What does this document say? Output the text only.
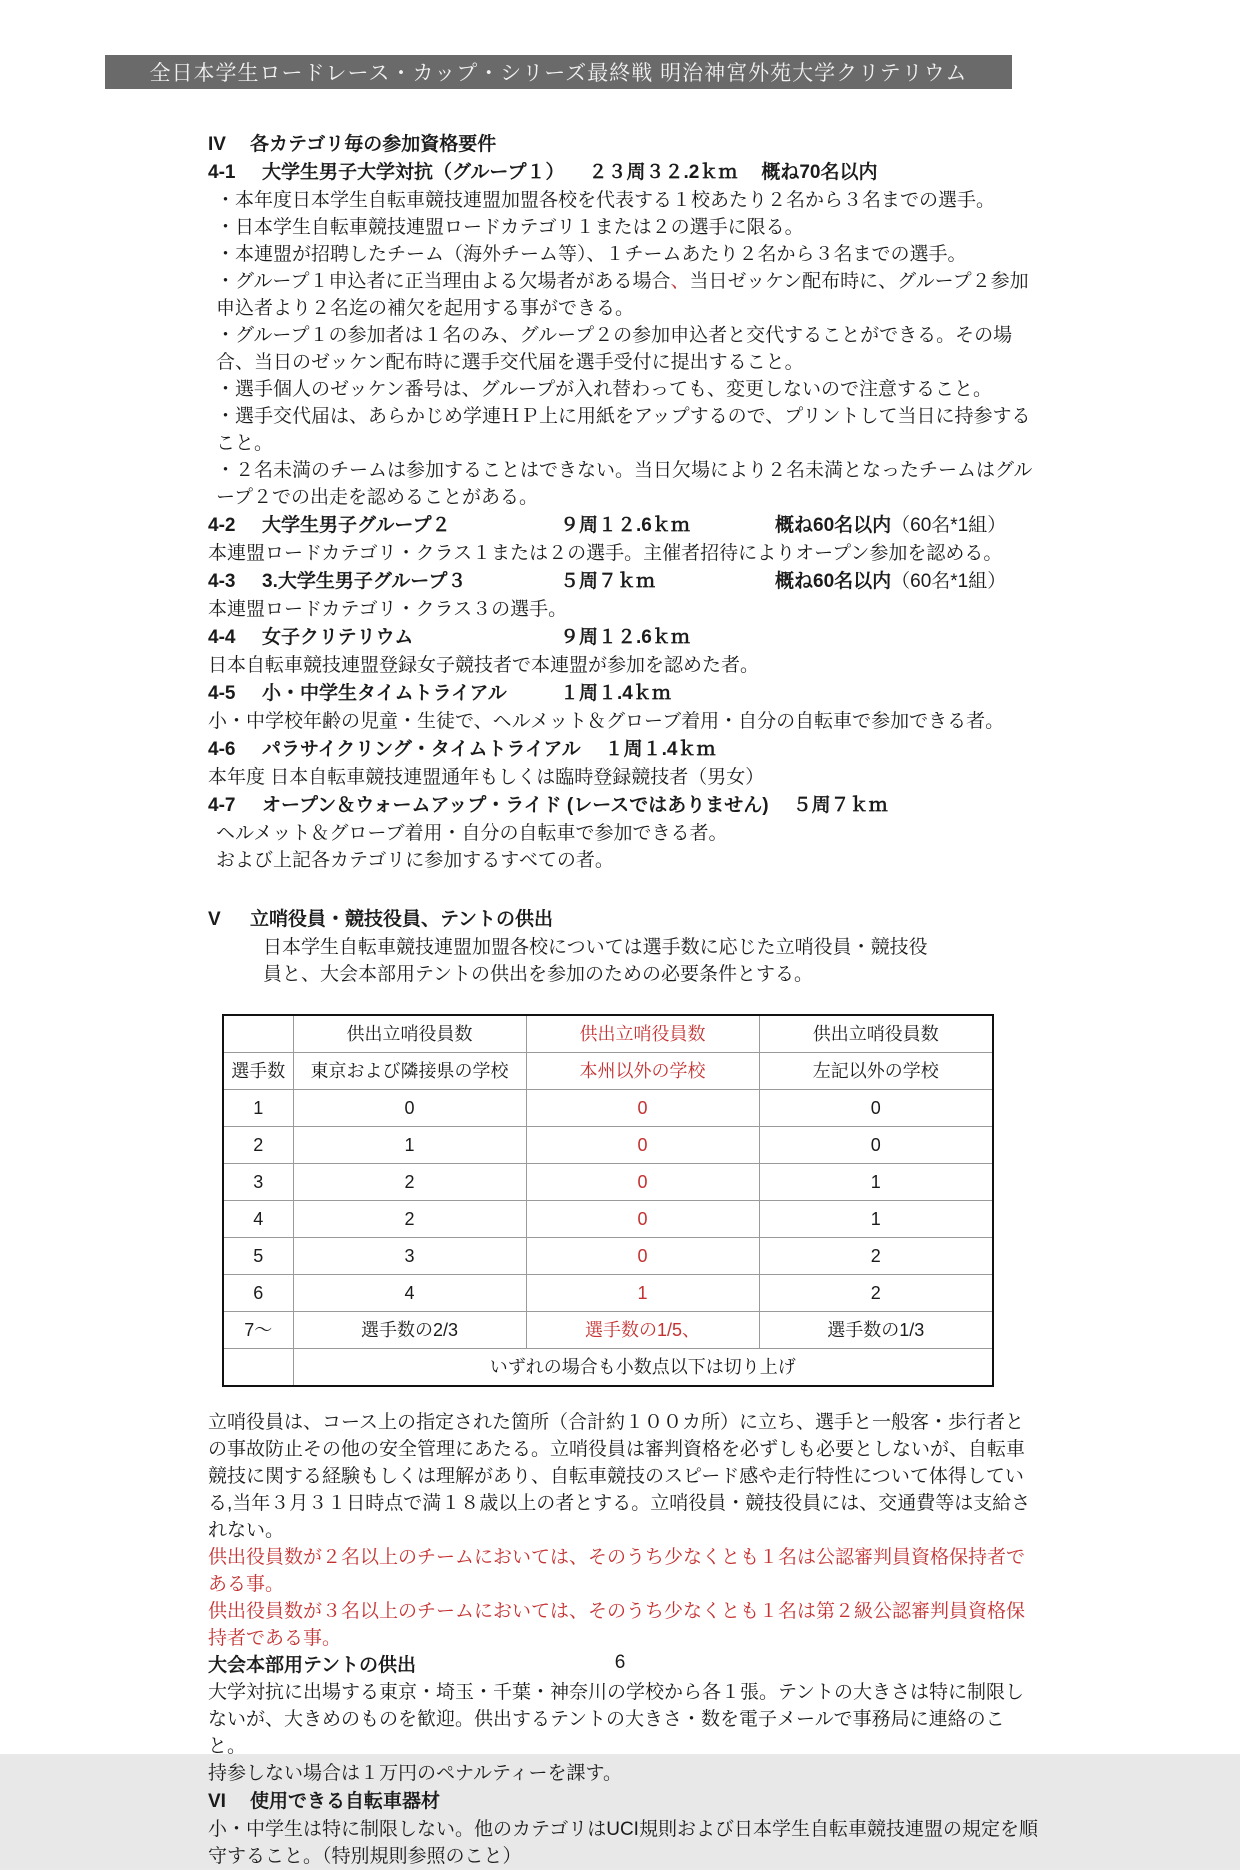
全日本学生ロードレース・カップ・シリーズ最終戦 明治神宮外苑大学クリテリウム
IV	各カテゴリ毎の参加資格要件
4-1	大学生男子大学対抗（グループ１） ２３周３２.2ｋｍ 概ね70名以内

・本年度日本学生自転車競技連盟加盟各校を代表する１校あたり２名から３名までの選手。

・日本学生自転車競技連盟ロードカテゴリ１または２の選手に限る。

・本連盟が招聘したチーム（海外チーム等）、１チームあたり２名から３名までの選手。

・グループ１申込者に正当理由よる欠場者がある場合、当日ゼッケン配布時に、グループ２参加申込者より２名迄の補欠を起用する事ができる。

・グループ１の参加者は１名のみ、グループ２の参加申込者と交代することができる。その場合、当日のゼッケン配布時に選手交代届を選手受付に提出すること。

・選手個人のゼッケン番号は、グループが入れ替わっても、変更しないので注意すること。

・選手交代届は、あらかじめ学連ＨＰ上に用紙をアップするので、プリントして当日に持参すること。

・２名未満のチームは参加することはできない。当日欠場により２名未満となったチームはグループ２での出走を認めることがある。

4-2	大学生男子グループ２	９周１２.6ｋｍ	概ね60名以内 （60名*1組）

本連盟ロードカテゴリ・クラス１または２の選手。主催者招待によりオープン参加を認める。

4-3	3.大学生男子グループ３	５周７ｋｍ	概ね60名以内 （60名*1組）

本連盟ロードカテゴリ・クラス３の選手。

4-4	女子クリテリウム	９周１２.6ｋｍ

日本自転車競技連盟登録女子競技者で本連盟が参加を認めた者。

4-5	小・中学生タイムトライアル	１周１.4ｋｍ

小・中学校年齢の児童・生徒で、ヘルメット＆グローブ着用・自分の自転車で参加できる者。

4-6	パラサイクリング・タイムトライアル １周１.4ｋｍ

本年度 日本自転車競技連盟通年もしくは臨時登録競技者（男女）

4-7	オープン＆ウォームアップ・ライド (レースではありません) ５周７ｋｍ

ヘルメット＆グローブ着用・自分の自転車で参加できる者。

および上記各カテゴリに参加するすべての者。

V	立哨役員・競技役員、テントの供出

日本学生自転車競技連盟加盟各校については選手数に応じた立哨役員・競技役員と、大会本部用テントの供出を参加のための必要条件とする。

	供出立哨役員数	供出立哨役員数	供出立哨役員数
選手数	東京および隣接県の学校	本州以外の学校	左記以外の学校
1	0	0	0
2	1	0	0
3	2	0	1
4	2	0	1
5	3	0	2
6	4	1	2
7〜	選手数の2/3	選手数の1/5、	選手数の1/3
	いずれの場合も小数点以下は切り上げ		

立哨役員は、コース上の指定された箇所（合計約１００カ所）に立ち、選手と一般客・歩行者との事故防止その他の安全管理にあたる。立哨役員は審判資格を必ずしも必要としないが、自転車競技に関する経験もしくは理解があり、自転車競技のスピード感や走行特性について体得している,当年３月３１日時点で満１８歳以上の者とする。立哨役員・競技役員には、交通費等は支給されない。

供出役員数が２名以上のチームにおいては、そのうち少なくとも１名は公認審判員資格保持者である事。

供出役員数が３名以上のチームにおいては、そのうち少なくとも１名は第２級公認審判員資格保持者である事。

大会本部用テントの供出

大学対抗に出場する東京・埼玉・千葉・神奈川の学校から各１張。テントの大きさは特に制限しないが、大きめのものを歓迎。供出するテントの大きさ・数を電子メールで事務局に連絡のこと。

持参しない場合は１万円のペナルティーを課す。

VI	使用できる自転車器材

小・中学生は特に制限しない。他のカテゴリはUCI規則および日本学生自転車競技連盟の規定を順守すること。（特別規則参照のこと）

6
